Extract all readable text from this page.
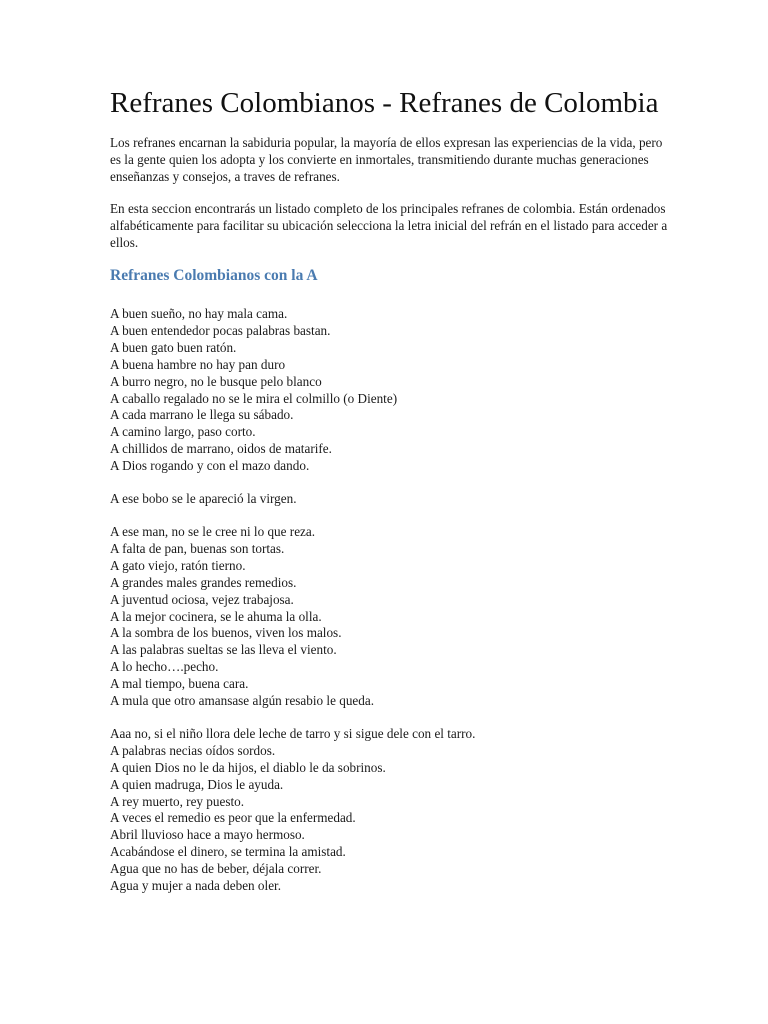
Refranes Colombianos - Refranes de Colombia

Los refranes encarnan la sabiduria popular, la mayoría de ellos expresan las experiencias de la vida, pero es la gente quien los adopta y los convierte en inmortales, transmitiendo durante muchas generaciones enseñanzas y consejos, a traves de refranes.

En esta seccion encontrarás un listado completo de los principales refranes de colombia. Están ordenados alfabéticamente para facilitar su ubicación selecciona la letra inicial del refrán en el listado para acceder a ellos.

Refranes Colombianos con la A
A buen sueño, no hay mala cama.
A buen entendedor pocas palabras bastan.
A buen gato buen ratón.
A buena hambre no hay pan duro
A burro negro, no le busque pelo blanco
A caballo regalado no se le mira el colmillo (o Diente)
A cada marrano le llega su sábado.
A camino largo, paso corto.
A chillidos de marrano, oidos de matarife.
A Dios rogando y con el mazo dando.
A ese bobo se le apareció la virgen.
A ese man, no se le cree ni lo que reza.
A falta de pan, buenas son tortas.
A gato viejo, ratón tierno.
A grandes males grandes remedios.
A juventud ociosa, vejez trabajosa.
A la mejor cocinera, se le ahuma la olla.
A la sombra de los buenos, viven los malos.
A las palabras sueltas se las lleva el viento.
A lo hecho….pecho.
A mal tiempo, buena cara.
A mula que otro amansase algún resabio le queda.
Aaa no, si el niño llora dele leche de tarro y si sigue dele con el tarro.
A palabras necias oídos sordos.
A quien Dios no le da hijos, el diablo le da sobrinos.
A quien madruga, Dios le ayuda.
A rey muerto, rey puesto.
A veces el remedio es peor que la enfermedad.
Abril lluvioso hace a mayo hermoso.
Acabándose el dinero, se termina la amistad.
Agua que no has de beber, déjala correr.
Agua y mujer a nada deben oler.
